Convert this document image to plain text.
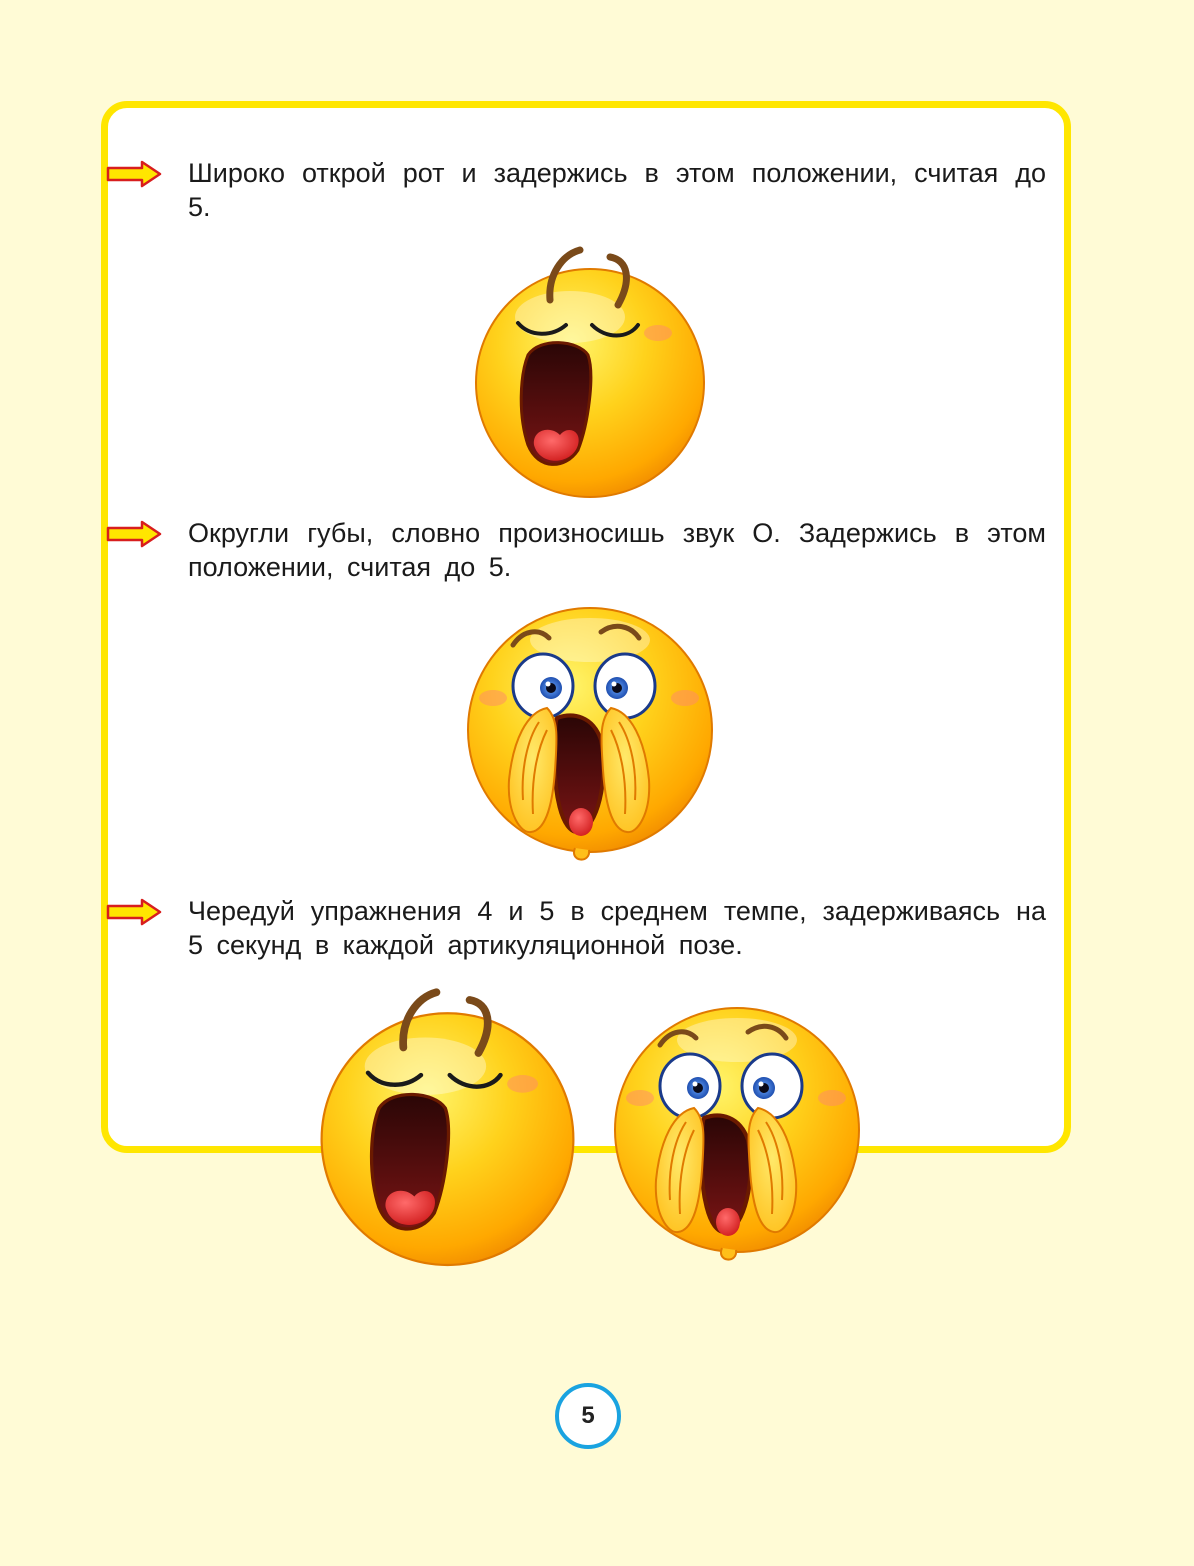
Широко открой рот и задержись в этом положении, считая до 5.

Округли губы, словно произносишь звук О. Задержись в этом положении, считая до 5.

Чередуй упражнения 4 и 5 в среднем темпе, задерживаясь на 5 секунд в каждой артикуляционной позе.

5
